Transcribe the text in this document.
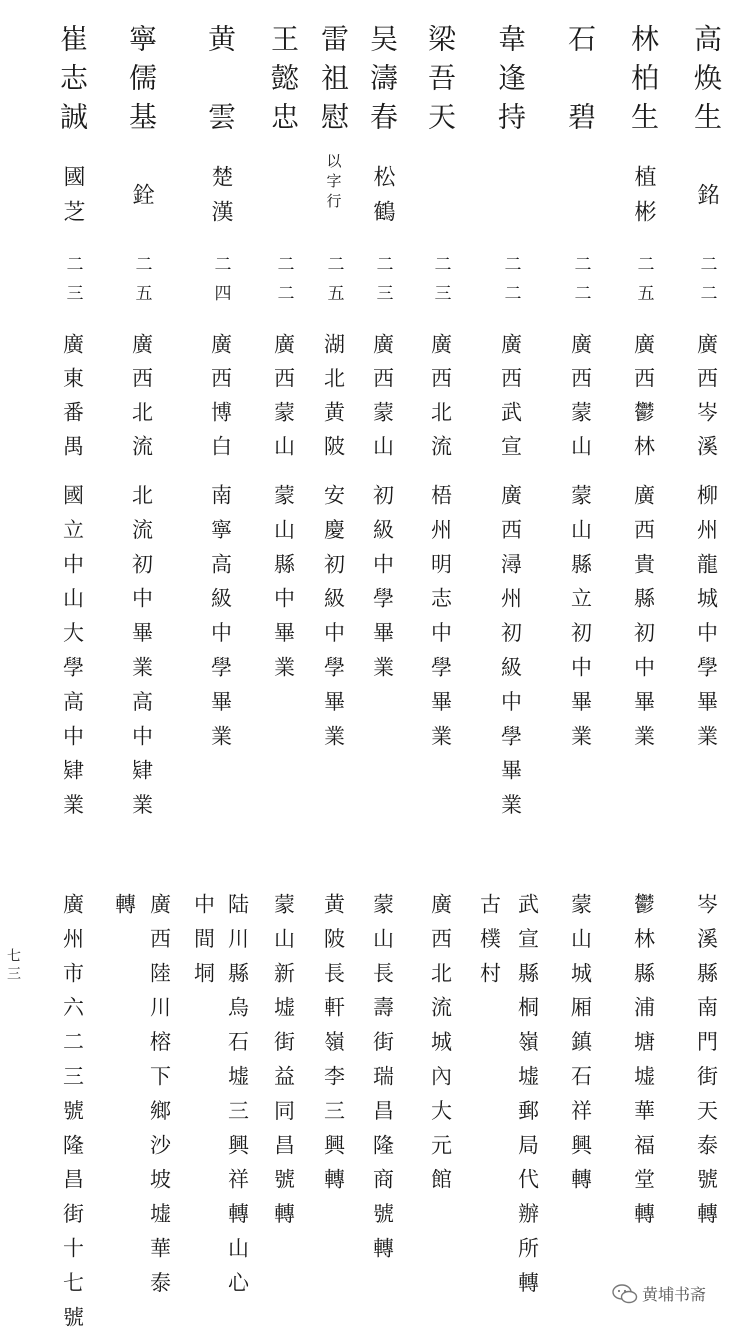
高焕生
銘
二二
廣西岑溪
柳州龍城中學畢業
岑溪縣南門街天泰號轉
林柏生
植彬
二五
廣西鬱林
廣西貴縣初中畢業
鬱林縣浦塘墟華福堂轉
石　碧
二二
廣西蒙山
蒙山縣立初中畢業
蒙山城厢鎮石祥興轉
韋逢持
二二
廣西武宣
廣西潯州初級中學畢業
武宣縣桐嶺墟郵局代辦所轉
古樸村
梁吾天
二三
廣西北流
梧州明志中學畢業
廣西北流城內大元館
吴濤春
松鶴
二三
廣西蒙山
初級中學畢業
蒙山長壽街瑞昌隆商號轉
雷祖慰
以字行
二五
湖北黄陂
安慶初級中學畢業
黄陂長軒嶺李三興轉
王懿忠
二二
廣西蒙山
蒙山縣中畢業
蒙山新墟街益同昌號轉
黄　雲
楚漢
二四
廣西博白
南寧高級中學畢業
陆川縣烏石墟三興祥轉山心
中間垌
寧儒基
銓
二五
廣西北流
北流初中畢業高中肄業
廣西陸川榕下鄉沙坡墟華泰
轉
崔志誠
國芝
二三
廣東番禺
國立中山大學高中肄業
廣州市六二三號隆昌街十七號
七三
黄埔书斋
